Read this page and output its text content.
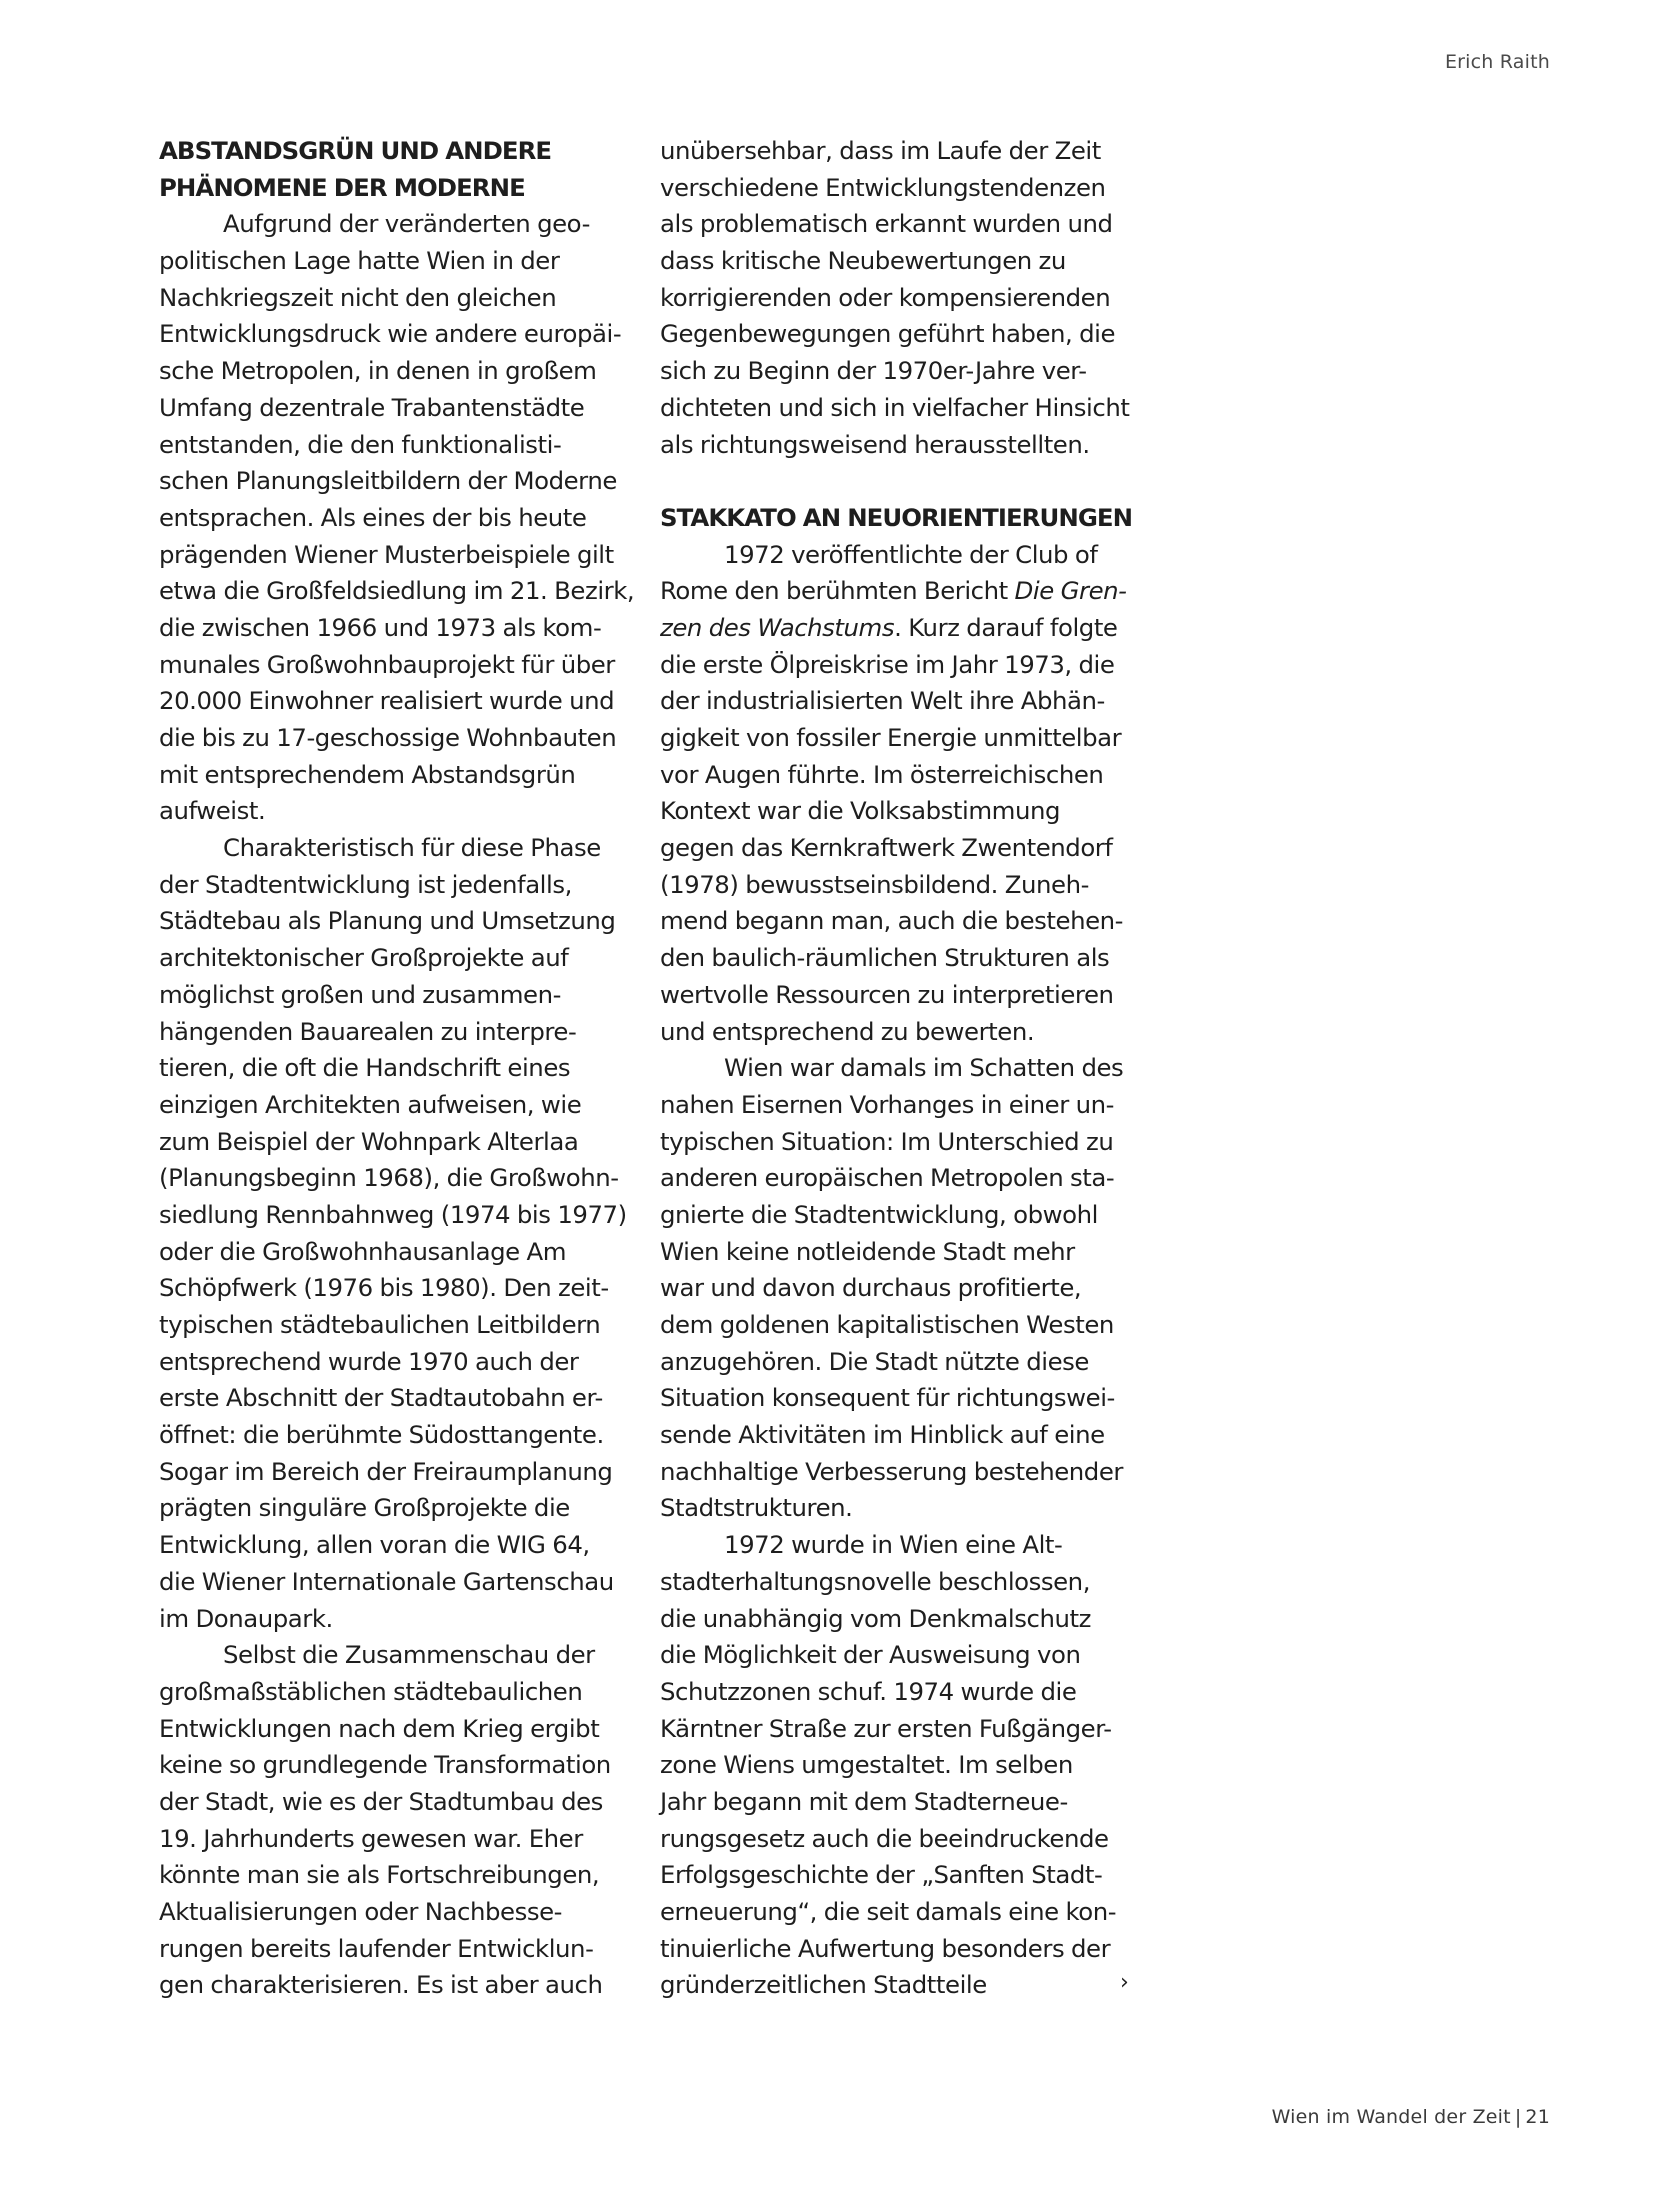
Erich Raith
ABSTANDSGRÜN UND ANDERE
PHÄNOMENE DER MODERNE
Aufgrund der veränderten geo-
politischen Lage hatte Wien in der
Nachkriegszeit nicht den gleichen
Entwicklungsdruck wie andere europäi-
sche Metropolen, in denen in großem
Umfang dezentrale Trabantenstädte
entstanden, die den funktionalisti-
schen Planungsleitbildern der Moderne
entsprachen. Als eines der bis heute
prägenden Wiener Musterbeispiele gilt
etwa die Großfeldsiedlung im 21. Bezirk,
die zwischen 1966 und 1973 als kom-
munales Großwohnbauprojekt für über
20.000 Einwohner realisiert wurde und
die bis zu 17-geschossige Wohnbauten
mit entsprechendem Abstandsgrün
aufweist.
Charakteristisch für diese Phase
der Stadtentwicklung ist jedenfalls,
Städtebau als Planung und Umsetzung
architektonischer Großprojekte auf
möglichst großen und zusammen-
hängenden Bauarealen zu interpre-
tieren, die oft die Handschrift eines
einzigen Architekten aufweisen, wie
zum Beispiel der Wohnpark Alterlaa
(Planungsbeginn 1968), die Großwohn-
siedlung Rennbahnweg (1974 bis 1977)
oder die Großwohnhausanlage Am
Schöpfwerk (1976 bis 1980). Den zeit-
typischen städtebaulichen Leitbildern
entsprechend wurde 1970 auch der
erste Abschnitt der Stadtautobahn er-
öffnet: die berühmte Südosttangente.
Sogar im Bereich der Freiraumplanung
prägten singuläre Großprojekte die
Entwicklung, allen voran die WIG 64,
die Wiener Internationale Gartenschau
im Donaupark.
Selbst die Zusammenschau der
großmaßstäblichen städtebaulichen
Entwicklungen nach dem Krieg ergibt
keine so grundlegende Transformation
der Stadt, wie es der Stadtumbau des
19. Jahrhunderts gewesen war. Eher
könnte man sie als Fortschreibungen,
Aktualisierungen oder Nachbesse-
rungen bereits laufender Entwicklun-
gen charakterisieren. Es ist aber auch
unübersehbar, dass im Laufe der Zeit
verschiedene Entwicklungstendenzen
als problematisch erkannt wurden und
dass kritische Neubewertungen zu
korrigierenden oder kompensierenden
Gegenbewegungen geführt haben, die
sich zu Beginn der 1970er-Jahre ver-
dichteten und sich in vielfacher Hinsicht
als richtungsweisend herausstellten.
STAKKATO AN NEUORIENTIERUNGEN
1972 veröffentlichte der Club of
Rome den berühmten Bericht Die Gren-
zen des Wachstums. Kurz darauf folgte
die erste Ölpreiskrise im Jahr 1973, die
der industrialisierten Welt ihre Abhän-
gigkeit von fossiler Energie unmittelbar
vor Augen führte. Im österreichischen
Kontext war die Volksabstimmung
gegen das Kernkraftwerk Zwentendorf
(1978) bewusstseinsbildend. Zuneh-
mend begann man, auch die bestehen-
den baulich-räumlichen Strukturen als
wertvolle Ressourcen zu interpretieren
und entsprechend zu bewerten.
Wien war damals im Schatten des
nahen Eisernen Vorhanges in einer un-
typischen Situation: Im Unterschied zu
anderen europäischen Metropolen sta-
gnierte die Stadtentwicklung, obwohl
Wien keine notleidende Stadt mehr
war und davon durchaus profitierte,
dem goldenen kapitalistischen Westen
anzugehören. Die Stadt nützte diese
Situation konsequent für richtungswei-
sende Aktivitäten im Hinblick auf eine
nachhaltige Verbesserung bestehender
Stadtstrukturen.
1972 wurde in Wien eine Alt-
stadterhaltungsnovelle beschlossen,
die unabhängig vom Denkmalschutz
die Möglichkeit der Ausweisung von
Schutzzonen schuf. 1974 wurde die
Kärntner Straße zur ersten Fußgänger-
zone Wiens umgestaltet. Im selben
Jahr begann mit dem Stadterneue-
rungsgesetz auch die beeindruckende
Erfolgsgeschichte der „Sanften Stadt-
erneuerung“, die seit damals eine kon-
tinuierliche Aufwertung besonders der
gründerzeitlichen Stadtteile	›
Wien im Wandel der Zeit | 21
